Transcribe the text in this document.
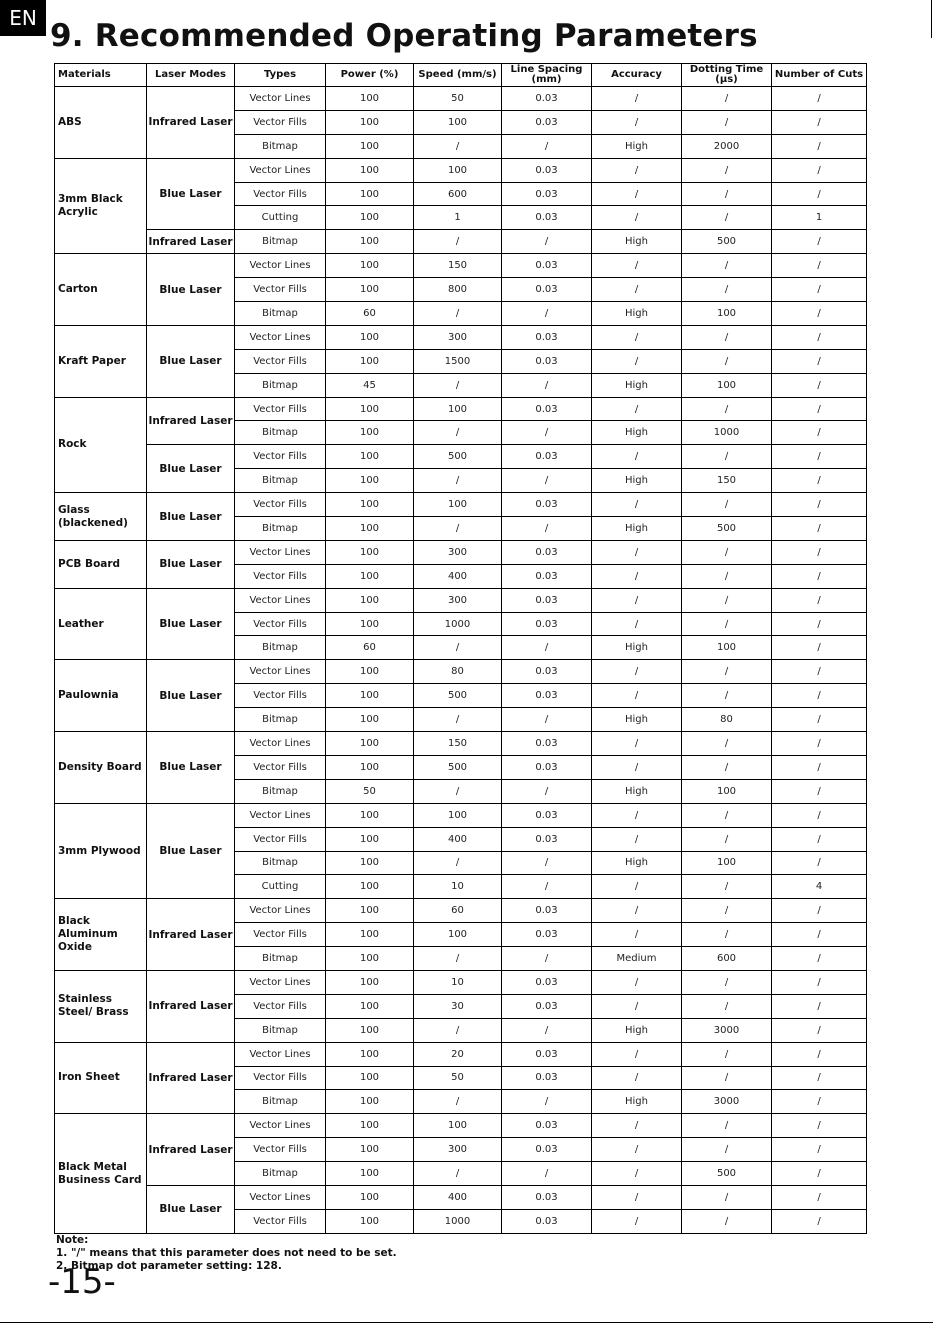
EN 9. Recommended Operating Parameters
Materials	Laser Modes	Types	Power (%)	Speed (mm/s)	Line Spacing (mm)	Accuracy	Dotting Time (μs)	Number of Cuts
ABS	Infrared Laser	Vector Lines	100	50	0.03	/	/	/
		Vector Fills	100	100	0.03	/	/	/
		Bitmap	100	/	/	High	2000	/
3mm Black Acrylic	Blue Laser	Vector Lines	100	100	0.03	/	/	/
		Vector Fills	100	600	0.03	/	/	/
		Cutting	100	1	0.03	/	/	1
	Infrared Laser	Bitmap	100	/	/	High	500	/
Carton	Blue Laser	Vector Lines	100	150	0.03	/	/	/
		Vector Fills	100	800	0.03	/	/	/
		Bitmap	60	/	/	High	100	/
Kraft Paper	Blue Laser	Vector Lines	100	300	0.03	/	/	/
		Vector Fills	100	1500	0.03	/	/	/
		Bitmap	45	/	/	High	100	/
Rock	Infrared Laser	Vector Fills	100	100	0.03	/	/	/
		Bitmap	100	/	/	High	1000	/
	Blue Laser	Vector Fills	100	500	0.03	/	/	/
		Bitmap	100	/	/	High	150	/
Glass (blackened)	Blue Laser	Vector Fills	100	100	0.03	/	/	/
		Bitmap	100	/	/	High	500	/
PCB Board	Blue Laser	Vector Lines	100	300	0.03	/	/	/
		Vector Fills	100	400	0.03	/	/	/
Leather	Blue Laser	Vector Lines	100	300	0.03	/	/	/
		Vector Fills	100	1000	0.03	/	/	/
		Bitmap	60	/	/	High	100	/
Paulownia	Blue Laser	Vector Lines	100	80	0.03	/	/	/
		Vector Fills	100	500	0.03	/	/	/
		Bitmap	100	/	/	High	80	/
Density Board	Blue Laser	Vector Lines	100	150	0.03	/	/	/
		Vector Fills	100	500	0.03	/	/	/
		Bitmap	50	/	/	High	100	/
3mm Plywood	Blue Laser	Vector Lines	100	100	0.03	/	/	/
		Vector Fills	100	400	0.03	/	/	/
		Bitmap	100	/	/	High	100	/
		Cutting	100	10	/	/	/	4
Black Aluminum Oxide	Infrared Laser	Vector Lines	100	60	0.03	/	/	/
		Vector Fills	100	100	0.03	/	/	/
		Bitmap	100	/	/	Medium	600	/
Stainless Steel/ Brass	Infrared Laser	Vector Lines	100	10	0.03	/	/	/
		Vector Fills	100	30	0.03	/	/	/
		Bitmap	100	/	/	High	3000	/
Iron Sheet	Infrared Laser	Vector Lines	100	20	0.03	/	/	/
		Vector Fills	100	50	0.03	/	/	/
		Bitmap	100	/	/	High	3000	/
Black Metal Business Card	Infrared Laser	Vector Lines	100	100	0.03	/	/	/
		Vector Fills	100	300	0.03	/	/	/
		Bitmap	100	/	/	/	500	/
	Blue Laser	Vector Lines	100	400	0.03	/	/	/
		Vector Fills	100	1000	0.03	/	/	/
Note:
1. "/" means that this parameter does not need to be set.
2. Bitmap dot parameter setting: 128.
-15-
